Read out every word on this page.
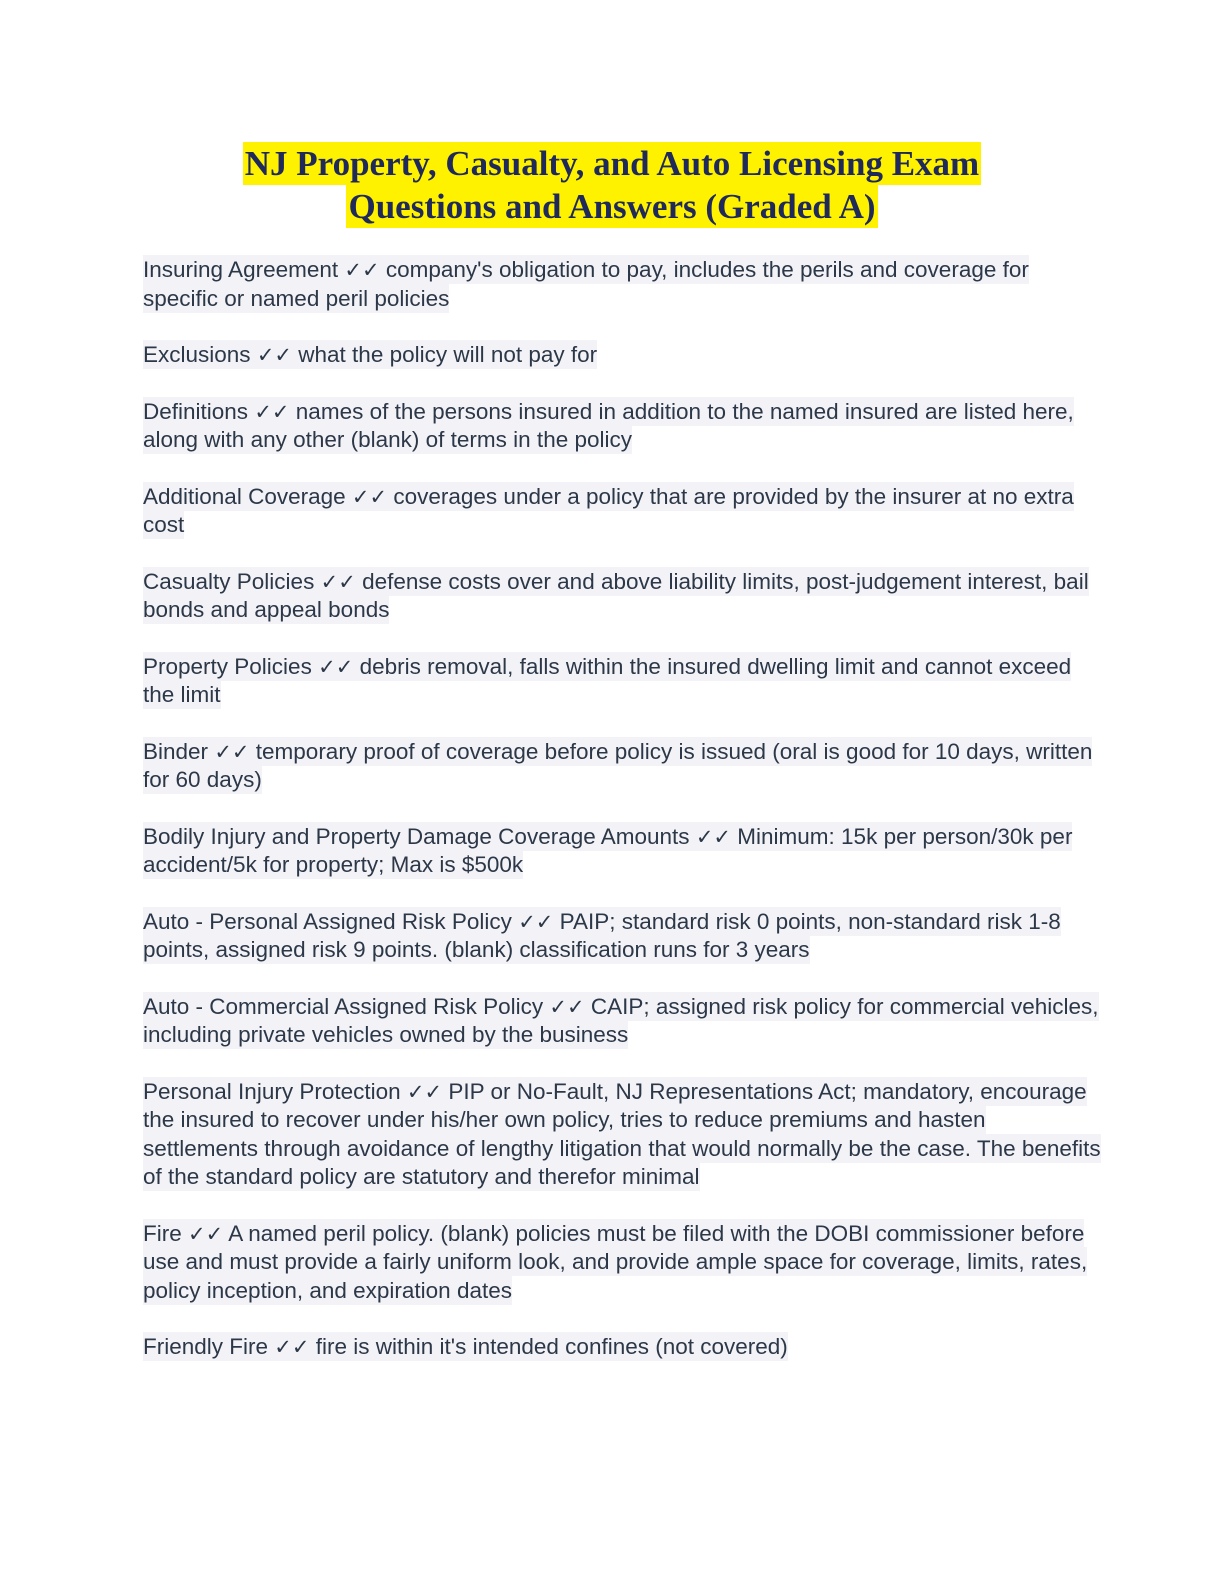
NJ Property, Casualty, and Auto Licensing Exam
Questions and Answers (Graded A)

Insuring Agreement ✓✓ company's obligation to pay, includes the perils and coverage for specific or named peril policies

Exclusions ✓✓ what the policy will not pay for

Definitions ✓✓ names of the persons insured in addition to the named insured are listed here, along with any other (blank) of terms in the policy

Additional Coverage ✓✓ coverages under a policy that are provided by the insurer at no extra cost

Casualty Policies ✓✓ defense costs over and above liability limits, post-judgement interest, bail bonds and appeal bonds

Property Policies ✓✓ debris removal, falls within the insured dwelling limit and cannot exceed the limit

Binder ✓✓ temporary proof of coverage before policy is issued (oral is good for 10 days, written for 60 days)

Bodily Injury and Property Damage Coverage Amounts ✓✓ Minimum: 15k per person/30k per accident/5k for property; Max is $500k

Auto - Personal Assigned Risk Policy ✓✓ PAIP; standard risk 0 points, non-standard risk 1-8 points, assigned risk 9 points. (blank) classification runs for 3 years

Auto - Commercial Assigned Risk Policy ✓✓ CAIP; assigned risk policy for commercial vehicles, including private vehicles owned by the business

Personal Injury Protection ✓✓ PIP or No-Fault, NJ Representations Act; mandatory, encourage the insured to recover under his/her own policy, tries to reduce premiums and hasten settlements through avoidance of lengthy litigation that would normally be the case. The benefits of the standard policy are statutory and therefor minimal

Fire ✓✓ A named peril policy. (blank) policies must be filed with the DOBI commissioner before use and must provide a fairly uniform look, and provide ample space for coverage, limits, rates, policy inception, and expiration dates

Friendly Fire ✓✓ fire is within it's intended confines (not covered)
